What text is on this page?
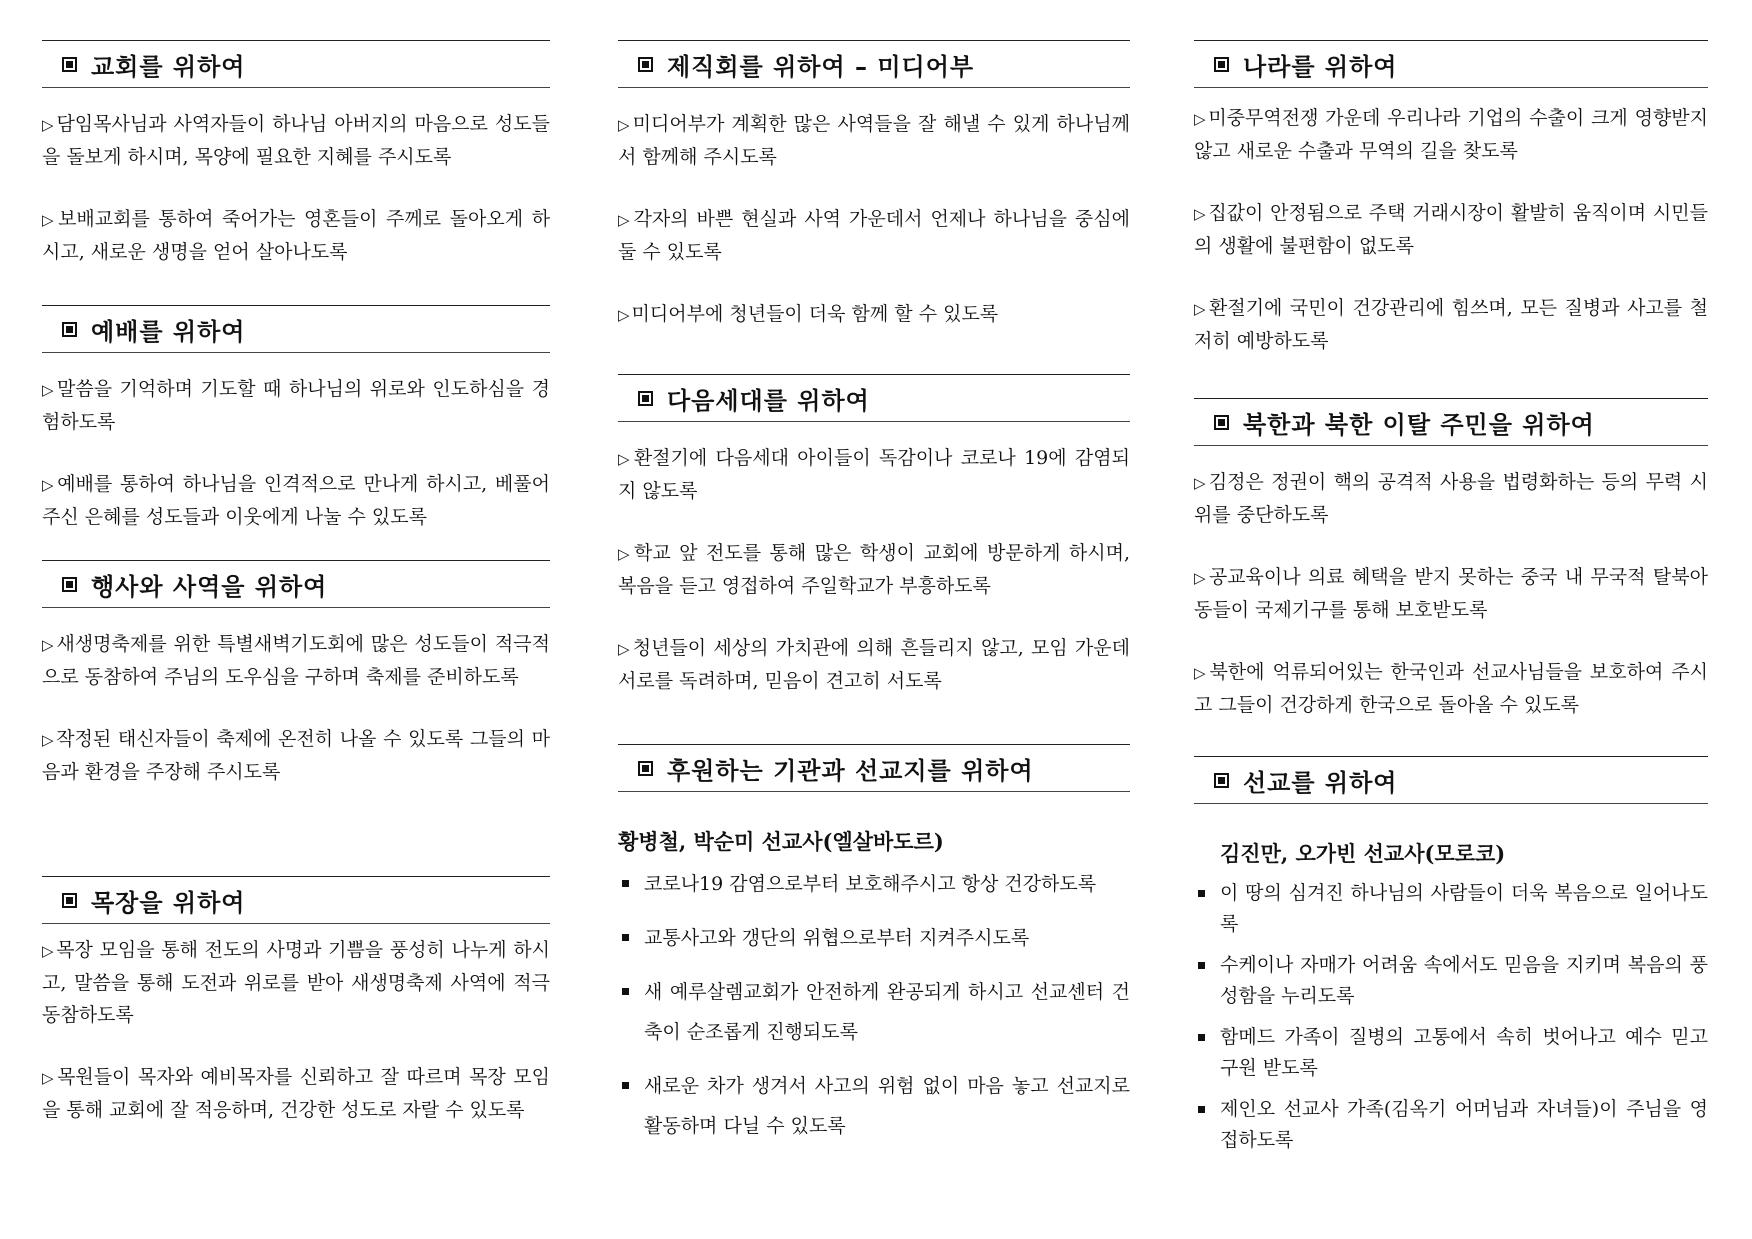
교회를 위하여
▷ 담임목사님과 사역자들이 하나님 아버지의 마음으로 성도들을 돌보게 하시며, 목양에 필요한 지혜를 주시도록
▷ 보배교회를 통하여 죽어가는 영혼들이 주께로 돌아오게 하시고, 새로운 생명을 얻어 살아나도록
예배를 위하여
▷ 말씀을 기억하며 기도할 때 하나님의 위로와 인도하심을 경험하도록
▷ 예배를 통하여 하나님을 인격적으로 만나게 하시고, 베풀어주신 은혜를 성도들과 이웃에게 나눌 수 있도록
행사와 사역을 위하여
▷ 새생명축제를 위한 특별새벽기도회에 많은 성도들이 적극적으로 동참하여 주님의 도우심을 구하며 축제를 준비하도록
▷ 작정된 태신자들이 축제에 온전히 나올 수 있도록 그들의 마음과 환경을 주장해 주시도록
목장을 위하여
▷ 목장 모임을 통해 전도의 사명과 기쁨을 풍성히 나누게 하시고, 말씀을 통해 도전과 위로를 받아 새생명축제 사역에 적극 동참하도록
▷ 목원들이 목자와 예비목자를 신뢰하고 잘 따르며 목장 모임을 통해 교회에 잘 적응하며, 건강한 성도로 자랄 수 있도록
제직회를 위하여 – 미디어부
▷ 미디어부가 계획한 많은 사역들을 잘 해낼 수 있게 하나님께서 함께해 주시도록
▷ 각자의 바쁜 현실과 사역 가운데서 언제나 하나님을 중심에 둘 수 있도록
▷ 미디어부에 청년들이 더욱 함께 할 수 있도록
다음세대를 위하여
▷ 환절기에 다음세대 아이들이 독감이나 코로나 19에 감염되지 않도록
▷ 학교 앞 전도를 통해 많은 학생이 교회에 방문하게 하시며, 복음을 듣고 영접하여 주일학교가 부흥하도록
▷ 청년들이 세상의 가치관에 의해 흔들리지 않고, 모임 가운데 서로를 독려하며, 믿음이 견고히 서도록
후원하는 기관과 선교지를 위하여
황병철, 박순미 선교사(엘살바도르)
코로나19 감염으로부터 보호해주시고 항상 건강하도록
교통사고와 갱단의 위협으로부터 지켜주시도록
새 예루살렘교회가 안전하게 완공되게 하시고 선교센터 건축이 순조롭게 진행되도록
새로운 차가 생겨서 사고의 위험 없이 마음 놓고 선교지로 활동하며 다닐 수 있도록
나라를 위하여
▷ 미중무역전쟁 가운데 우리나라 기업의 수출이 크게 영향받지 않고 새로운 수출과 무역의 길을 찾도록
▷ 집값이 안정됨으로 주택 거래시장이 활발히 움직이며 시민들의 생활에 불편함이 없도록
▷ 환절기에 국민이 건강관리에 힘쓰며, 모든 질병과 사고를 철저히 예방하도록
북한과 북한 이탈 주민을 위하여
▷ 김정은 정권이 핵의 공격적 사용을 법령화하는 등의 무력 시위를 중단하도록
▷ 공교육이나 의료 혜택을 받지 못하는 중국 내 무국적 탈북아동들이 국제기구를 통해 보호받도록
▷ 북한에 억류되어있는 한국인과 선교사님들을 보호하여 주시고 그들이 건강하게 한국으로 돌아올 수 있도록
선교를 위하여
김진만, 오가빈 선교사(모로코)
이 땅의 심겨진 하나님의 사람들이 더욱 복음으로 일어나도록
수케이나 자매가 어려움 속에서도 믿음을 지키며 복음의 풍성함을 누리도록
함메드 가족이 질병의 고통에서 속히 벗어나고 예수 믿고 구원 받도록
제인오 선교사 가족(김옥기 어머님과 자녀들)이 주님을 영접하도록
